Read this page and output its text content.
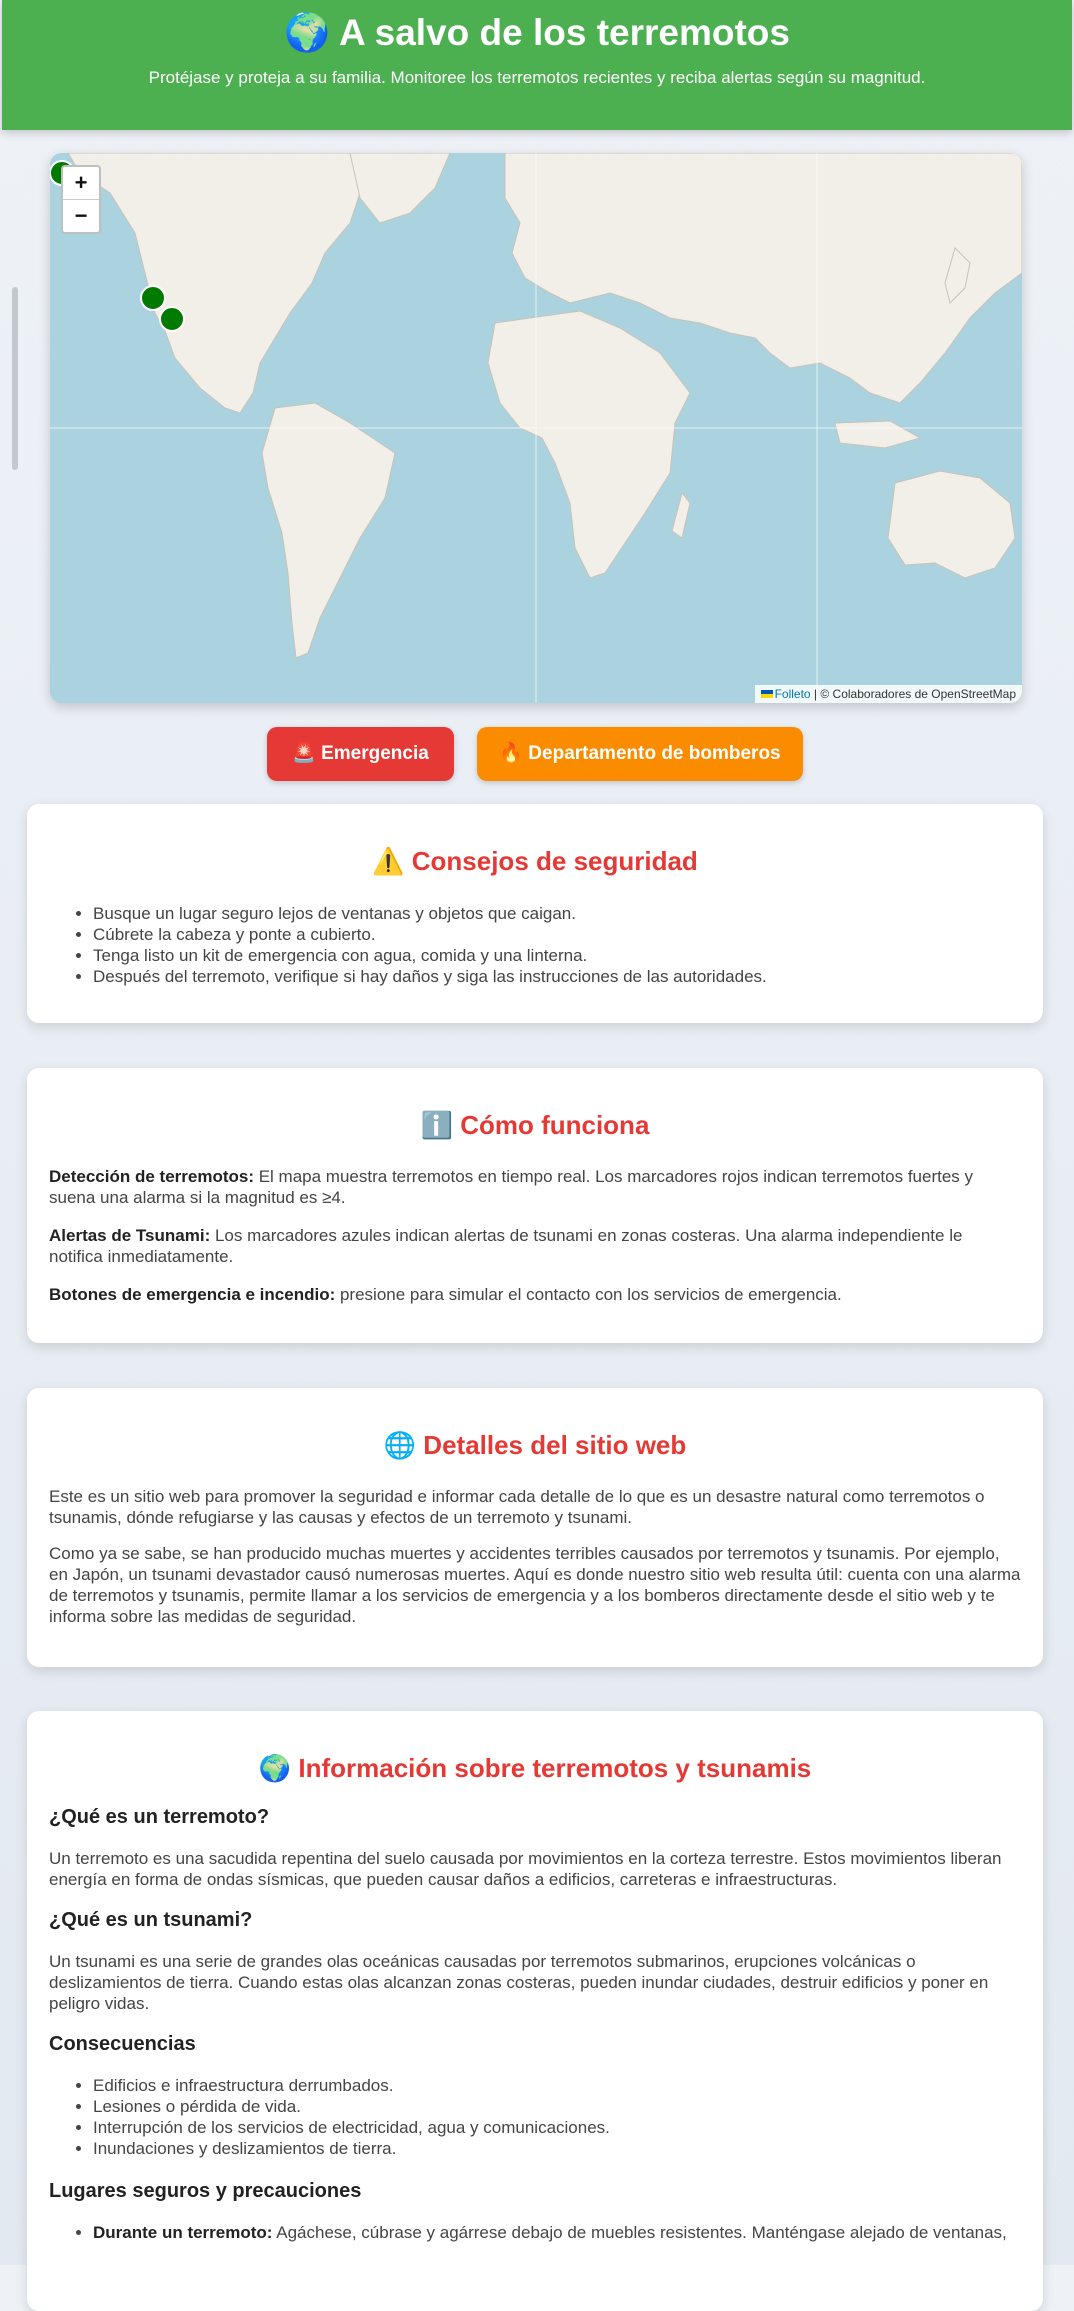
🌍 A salvo de los terremotos

Protéjase y proteja a su familia. Monitoree los terremotos recientes y reciba alertas según su magnitud.

+
−
Folleto | © Colaboradores de OpenStreetMap
🚨 Emergencia	🔥 Departamento de bomberos
⚠️ Consejos de seguridad
• Busque un lugar seguro lejos de ventanas y objetos que caigan.
• Cúbrete la cabeza y ponte a cubierto.
• Tenga listo un kit de emergencia con agua, comida y una linterna.
• Después del terremoto, verifique si hay daños y siga las instrucciones de las autoridades.
ℹ️ Cómo funciona

Detección de terremotos: El mapa muestra terremotos en tiempo real. Los marcadores rojos indican terremotos fuertes y suena una alarma si la magnitud es ≥4.

Alertas de Tsunami: Los marcadores azules indican alertas de tsunami en zonas costeras. Una alarma independiente le notifica inmediatamente.

Botones de emergencia e incendio: presione para simular el contacto con los servicios de emergencia.

🌐 Detalles del sitio web

Este es un sitio web para promover la seguridad e informar cada detalle de lo que es un desastre natural como terremotos o tsunamis, dónde refugiarse y las causas y efectos de un terremoto y tsunami.

Como ya se sabe, se han producido muchas muertes y accidentes terribles causados por terremotos y tsunamis. Por ejemplo, en Japón, un tsunami devastador causó numerosas muertes. Aquí es donde nuestro sitio web resulta útil: cuenta con una alarma de terremotos y tsunamis, permite llamar a los servicios de emergencia y a los bomberos directamente desde el sitio web y te informa sobre las medidas de seguridad.

🌍 Información sobre terremotos y tsunamis
¿Qué es un terremoto?

Un terremoto es una sacudida repentina del suelo causada por movimientos en la corteza terrestre. Estos movimientos liberan energía en forma de ondas sísmicas, que pueden causar daños a edificios, carreteras e infraestructuras.

¿Qué es un tsunami?

Un tsunami es una serie de grandes olas oceánicas causadas por terremotos submarinos, erupciones volcánicas o deslizamientos de tierra. Cuando estas olas alcanzan zonas costeras, pueden inundar ciudades, destruir edificios y poner en peligro vidas.

Consecuencias
• Edificios e infraestructura derrumbados.
• Lesiones o pérdida de vida.
• Interrupción de los servicios de electricidad, agua y comunicaciones.
• Inundaciones y deslizamientos de tierra.
Lugares seguros y precauciones
• Durante un terremoto: Agáchese, cúbrase y agárrese debajo de muebles resistentes. Manténgase alejado de ventanas,
